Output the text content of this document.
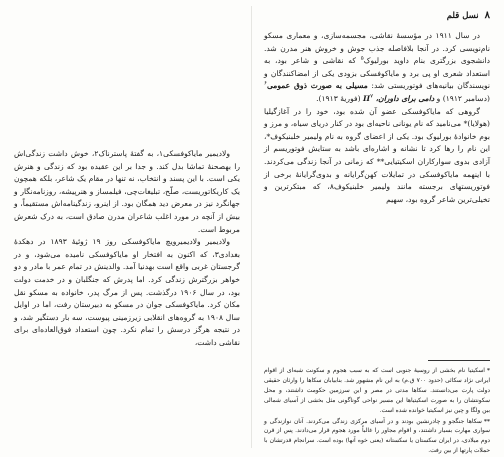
ولادیمیر مایاکوفسکی۱، به گفتهٔ پاسترناک۲، خوش داشت زندگی‌اش را بهصحنهٔ تماشا بدل کند. و جدا بر این عقیده بود که زندگی و هنرش یکی است. با این پسند و انتخاب، نه تنها در مقام یک شاعر، بلکه همچون یک کاریکاتوریست، صلّح، تبلیغات‌چی، فیلمساز و هنرپیشه، روزنامه‌نگار و جهانگرد نیز در معرض دید همگان بود. از اینرو، زندگینامه‌اش مستقیماً، و بیش از آنچه در مورد اغلب شاعران مدرن صادق است، به درک شعرش مربوط است.

ولادیمیر ولادیمیرویچ مایاکوفسکی روز ۱۹ ژوئیهٔ ۱۸۹۳ در دهکدهٔ بغدادی۳، که اکنون به افتخار او مایاکوفسکی نامیده می‌شود، و در گرجستان غربی واقع است بهدنیا آمد. والدینش در تمام عمر با مادر و دو خواهر بزرگترش زندگی کرد. اما پدرش که جنگلبان و در خدمت دولت بود، در سال ۱۹۰۶ درگذشت. پس از مرگ پدر، خانواده به مسکو نقل مکان کرد. مایاکوفسکی جوان در مسکو به دبیرستان رفت، اما در اوایل سال ۱۹۰۸ به گروه‌های انقلابی زیرزمینی پیوست، سه بار دستگیر شد، و در نتیجه هرگز درسش را تمام نکرد. چون استعداد فوق‌العاده‌ای برای نقاشی داشت،

۸
نسل قلم

در سال ۱۹۱۱ در مؤسسهٔ نقاشی، مجسمه‌سازی، و معماری مسکو نام‌نویسی کرد. در آنجا بلافاصله جذب جوش و خروش هنر مدرن شد. دانشجوی بزرگتری بنام داوید بورلیوک$^۵$ که نقاشی و شاعر بود، به استعداد شعری او پی برد و مایاکوفسکی بزودی یکی از امضاکنندگان و نویسندگان بیانیه‌های فوتوریستی شد: مسیلی به صورت ذوق عمومی$^۶$ (دسامبر ۱۹۱۲) و دامی برای داوران، $II^۷$ (فوریهٔ ۱۹۱۳).

گروهی که مایاکوفسکی عضو آن شده بود، خود را در آغازگیلیا (هولایا)* می‌نامید که نام یونانی ناحیه‌ای بود در کنار دریای سیاه، و مرز و بوم خانوادهٔ بورلیوک بود. یکی از اعضای گروه به نام ولیمیر خلبنیکوف*، این نام را رها کرد تا نشانه و اشاره‌ای باشد به ستایش فوتوریسم از آزادی بدوی سوارکاران اسکیتیایی** که زمانی در آنجا زندگی می‌کردند. با اینهمه مایاکوفسکی در تمایلات کهن‌گرایانه و بدوی‌گرایانهٔ برخی از فوتوریستهای برجسته مانند ولیمیر خلبنیکوف۸، که مبتکرترین و تخیلی‌ترین شاعر گروه بود، سهیم

*اسکیتیا نام بخشی از روسیهٔ جنوبی است که به سبب هجوم و سکونت شبه‌ای از اقوام ایرانی نژاد سکائی (حدود ۷۰۰ ق.م) به این نام مشهور شد. بنا‌بیابان سکاها را وارثان حقیقی دولت پارت می‌دانستند. سکاها مدتی در مصر و این سرزمین حکومت داشتند، و محل سکونتشان را به صورت اسکیتیاها این مسیر نواحی گوناگونی مثل بخشی از آسیای شمالی بین ولگا و چین نیز اسکیتیا خوانده شده است.

**سکاها جنگجو و چادرنشین بودند و در آسیای مرکزی زندگی می‌کردند. آنان نوازندگی و سواری مهارت بسیار داشتند، و اقوام مجاور را غالباً مورد هجوم قرار می‌دادند. پس از قرن دوم میلادی، در ایران سکستان یا سکستانه (یعنی خوه آنها) بوده است. سرانجام قدرتشان با حملات پارتها از بین رفت.
